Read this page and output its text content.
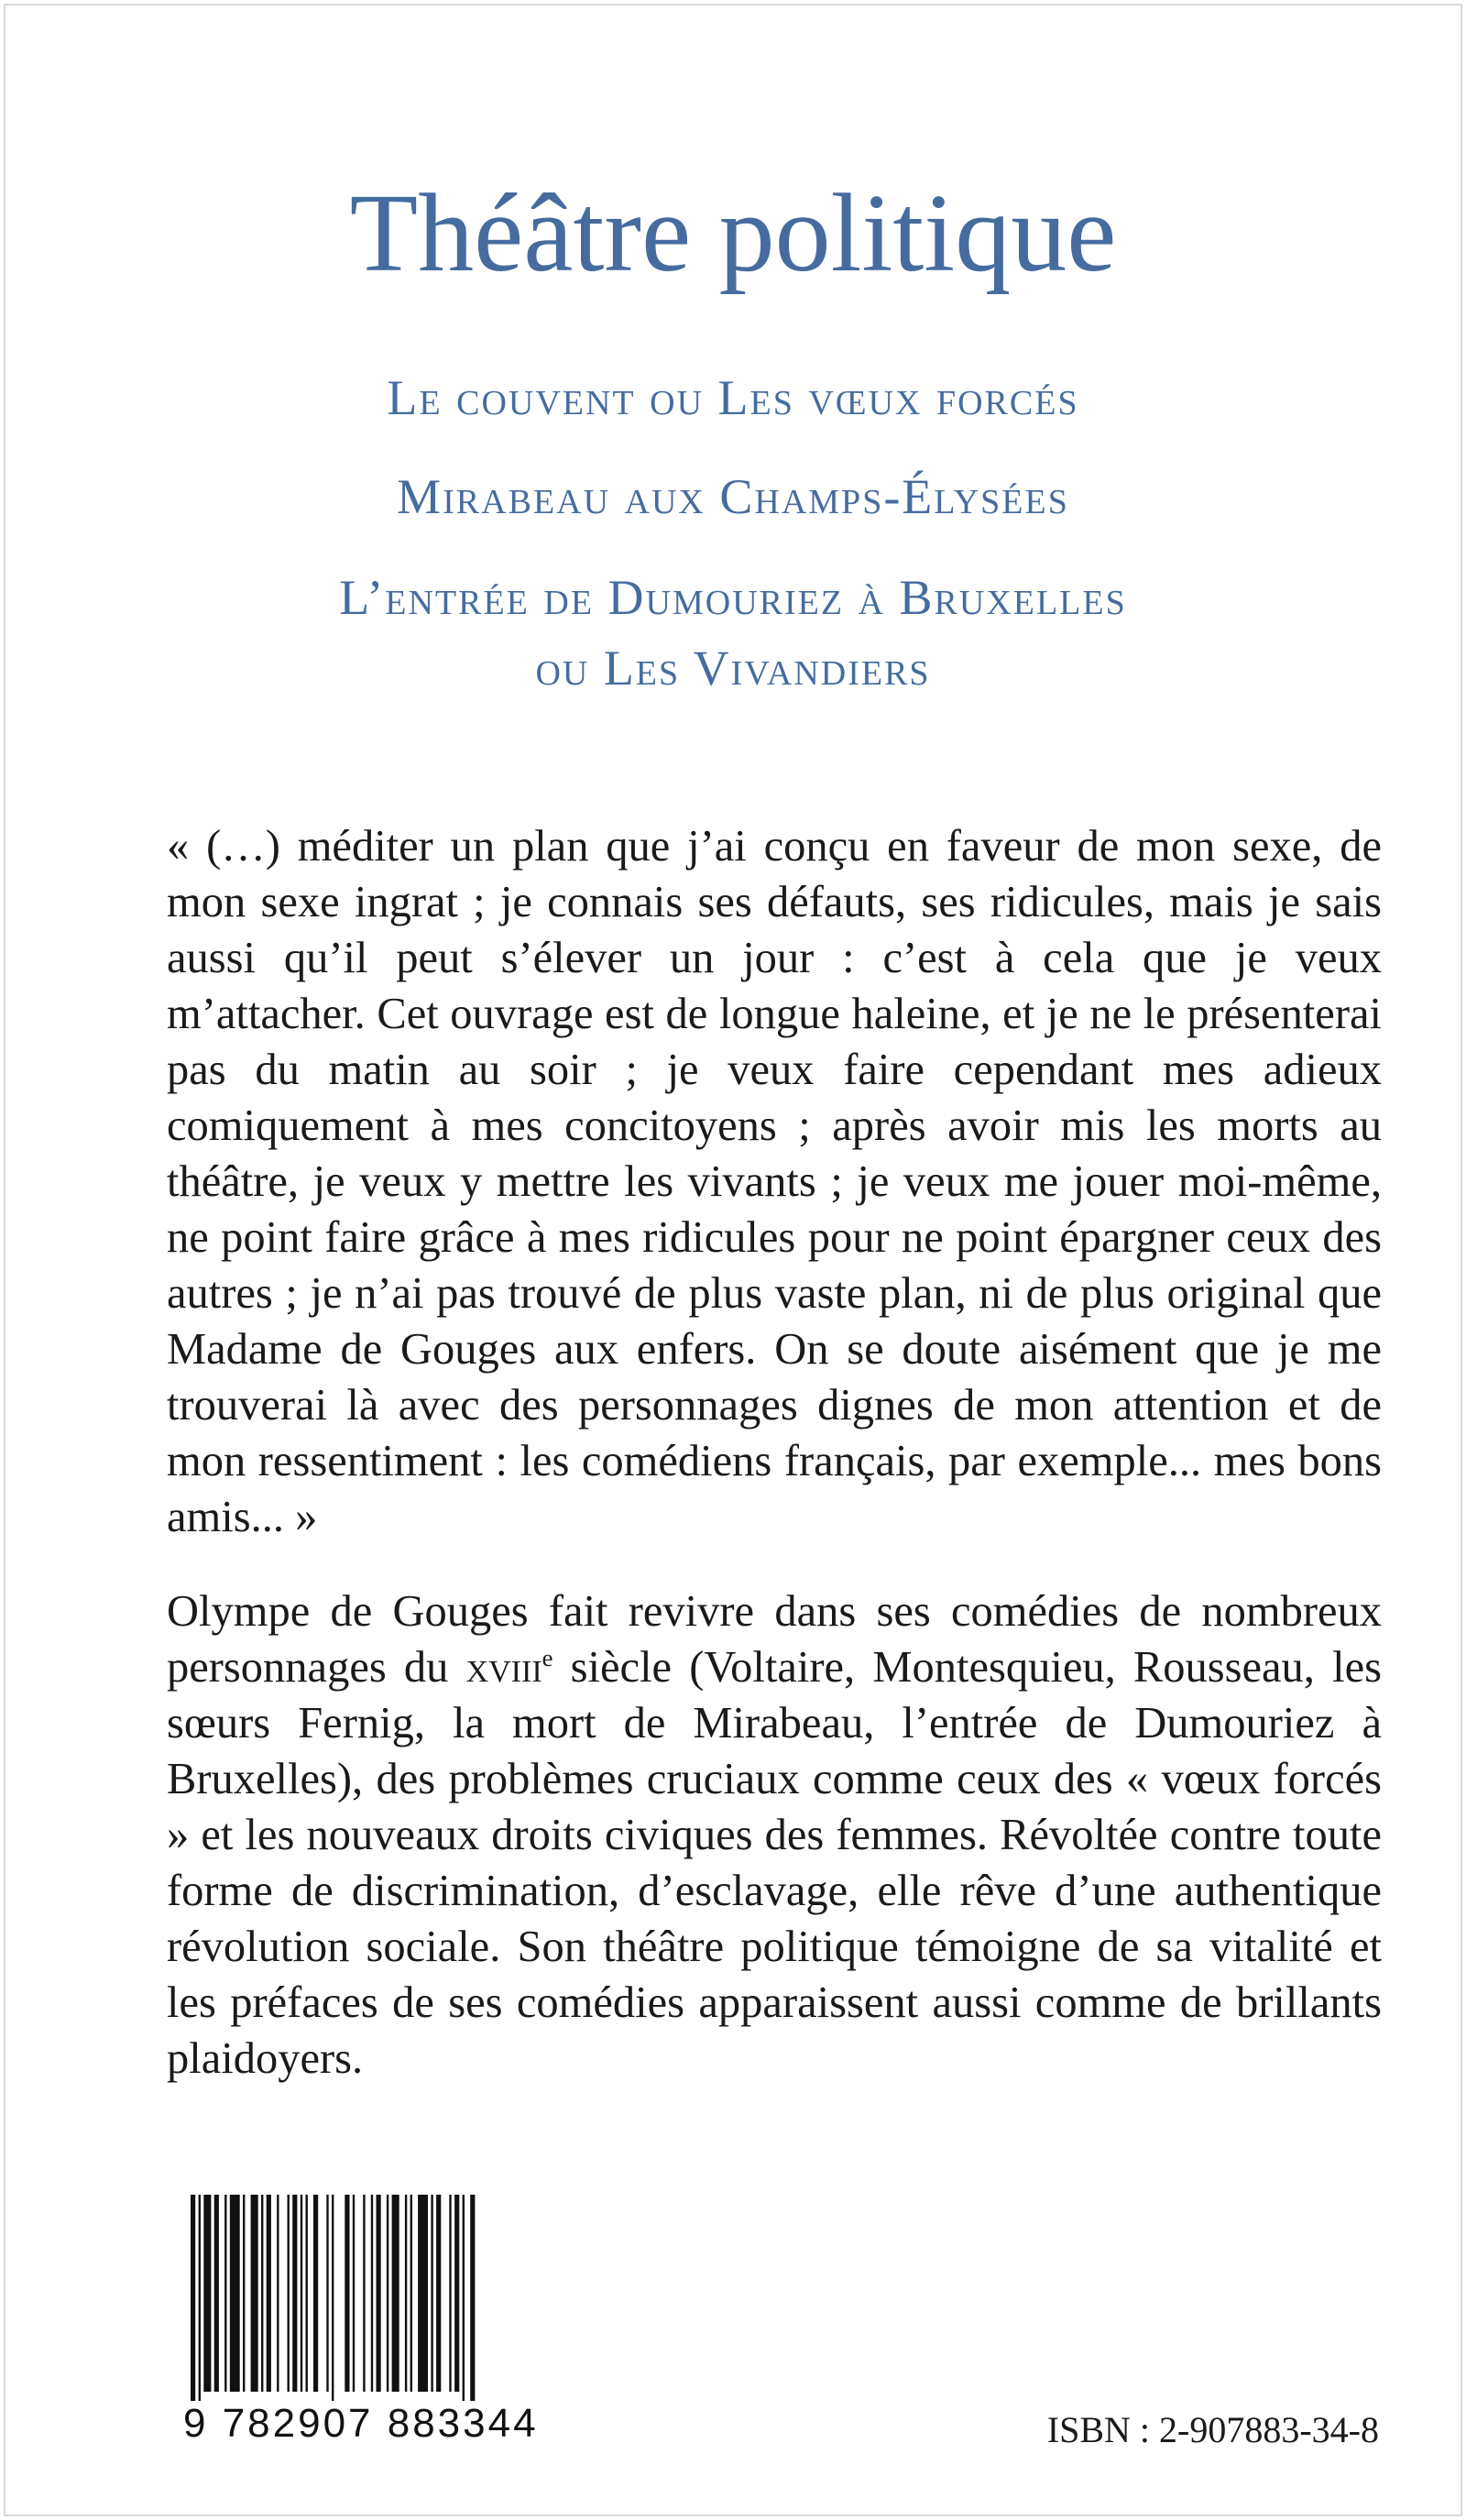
Théâtre politique

Le couvent ou Les vœux forcés

Mirabeau aux Champs-Élysées

L’entrée de Dumouriez à Bruxelles

ou Les Vivandiers

« (…) méditer un plan que j’ai conçu en faveur de mon sexe, de mon sexe ingrat ; je connais ses défauts, ses ridicules, mais je sais aussi qu’il peut s’élever un jour : c’est à cela que je veux m’attacher. Cet ouvrage est de longue haleine, et je ne le présenterai pas du matin au soir ; je veux faire cependant mes adieux comiquement à mes concitoyens ; après avoir mis les morts au théâtre, je veux y mettre les vivants ; je veux me jouer moi-même, ne point faire grâce à mes ridicules pour ne point épargner ceux des autres ; je n’ai pas trouvé de plus vaste plan, ni de plus original que Madame de Gouges aux enfers. On se doute aisément que je me trouverai là avec des personnages dignes de mon attention et de mon ressentiment : les comédiens français, par exemple... mes bons amis... »

Olympe de Gouges fait revivre dans ses comédies de nombreux personnages du xviii$^e$ siècle (Voltaire, Montesquieu, Rousseau, les sœurs Fernig, la mort de Mirabeau, l’entrée de Dumouriez à Bruxelles), des problèmes cruciaux comme ceux des « vœux forcés » et les nouveaux droits civiques des femmes. Révoltée contre toute forme de discrimination, d’esclavage, elle rêve d’une authentique révolution sociale. Son théâtre politique témoigne de sa vitalité et les préfaces de ses comédies apparaissent aussi comme de brillants plaidoyers.

9 782907 883344	ISBN : 2-907883-34-8
